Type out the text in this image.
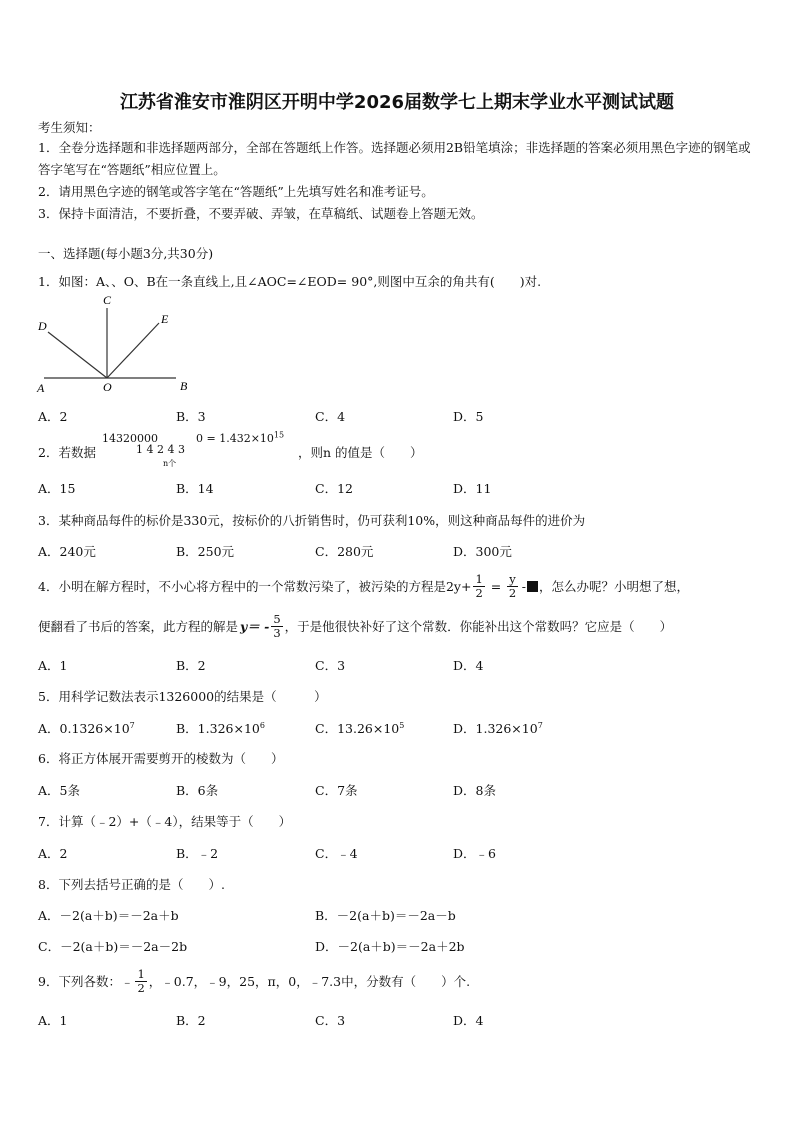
江苏省淮安市淮阴区开明中学2026届数学七上期末学业水平测试试题
考生须知：
1．全卷分选择题和非选择题两部分，全部在答题纸上作答。选择题必须用2B铅笔填涂；非选择题的答案必须用黑色字迹的钢笔或答字笔写在“答题纸”相应位置上。
2．请用黑色字迹的钢笔或答字笔在“答题纸”上先填写姓名和准考证号。
3．保持卡面清洁，不要折叠，不要弄破、弄皱，在草稿纸、试题卷上答题无效。
一、选择题(每小题3分,共30分)
1．如图：A、、O、B在一条直线上,且∠AOC=∠EOD= 90°,则图中互余的角共有(　　)对.
A	O	B
C
D	E
A．2	B．3	C．4	D．5
2．若数据
14320000
1 4 2 4 3
$0 = 1.432\times 10^{15}$
n个
，则n 的值是（　　）
A．15	B．14	C．12	D．11
3．某种商品每件的标价是330元，按标价的八折销售时，仍可获利10%，则这种商品每件的进价为
A．240元	B．250元	C．280元	D．300元
4．小明在解方程时，不小心将方程中的一个常数污染了，被污染的方程是 $2y+ \frac{1}{2} = \frac{y}{2}$ - ，怎么办呢？小明想了想，
便翻看了书后的答案，此方程的解是 $y= - \frac{5}{3}$ ，于是他很快补好了这个常数．你能补出这个常数吗？它应是（　　）
A．1	B．2	C．3	D．4
5．用科学记数法表示1326000的结果是（　　　）
A．$0.1326\times 10^7$	B．$1.326\times 10^6$	C．$13.26\times 10^5$	D．$1.326\times 10^7$
6．将正方体展开需要剪开的棱数为（　　）
A．5条	B．6条	C．7条	D．8条
7．计算（﹣2）+（﹣4），结果等于（　　）
A．2	B．﹣2	C．﹣4	D．﹣6
8．下列去括号正确的是（　　）.
A．－2(a＋b)＝－2a＋b	B．－2(a＋b)＝－2a－b
C．－2(a＋b)＝－2a－2b	D．－2(a＋b)＝－2a＋2b
9．下列各数：﹣ $\frac{1}{2}$ ，﹣0.7，﹣9，25，π，0，﹣7.3中，分数有（　　）个.
A．1	B．2	C．3	D．4
